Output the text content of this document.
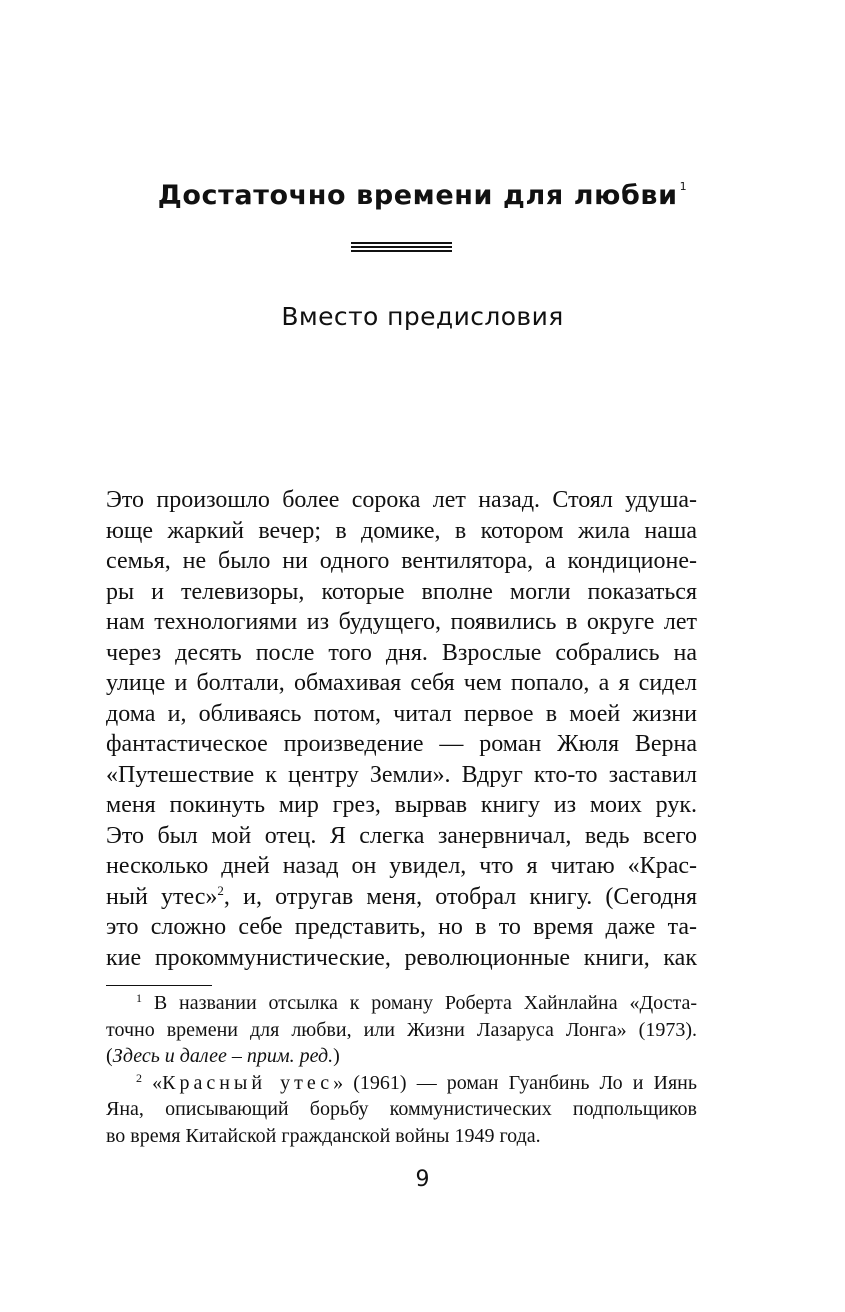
Достаточно времени для любви $^1$
Вместо предисловия
Это произошло более сорока лет назад. Стоял удуша-
юще жаркий вечер; в домике, в котором жила наша
семья, не было ни одного вентилятора, а кондиционе-
ры и телевизоры, которые вполне могли показаться
нам технологиями из будущего, появились в округе лет
через десять после того дня. Взрослые собрались на
улице и болтали, обмахивая себя чем попало, а я сидел
дома и, обливаясь потом, читал первое в моей жизни
фантастическое произведение — роман Жюля Верна
«Путешествие к центру Земли». Вдруг кто-то заставил
меня покинуть мир грез, вырвав книгу из моих рук.
Это был мой отец. Я слегка занервничал, ведь всего
несколько дней назад он увидел, что я читаю «Крас-
ный утес»$^2$, и, отругав меня, отобрал книгу. (Сегодня
это сложно себе представить, но в то время даже та-
кие прокоммунистические, революционные книги, как
$^1$ В названии отсылка к роману Роберта Хайнлайна «Доста-
точно времени для любви, или Жизни Лазаруса Лонга» (1973).
(Здесь и далее – прим. ред.)
$^2$ «Красный утес» (1961) — роман Гуанбинь Ло и Иянь
Яна, описывающий борьбу коммунистических подпольщиков
во время Китайской гражданской войны 1949 года.
9
